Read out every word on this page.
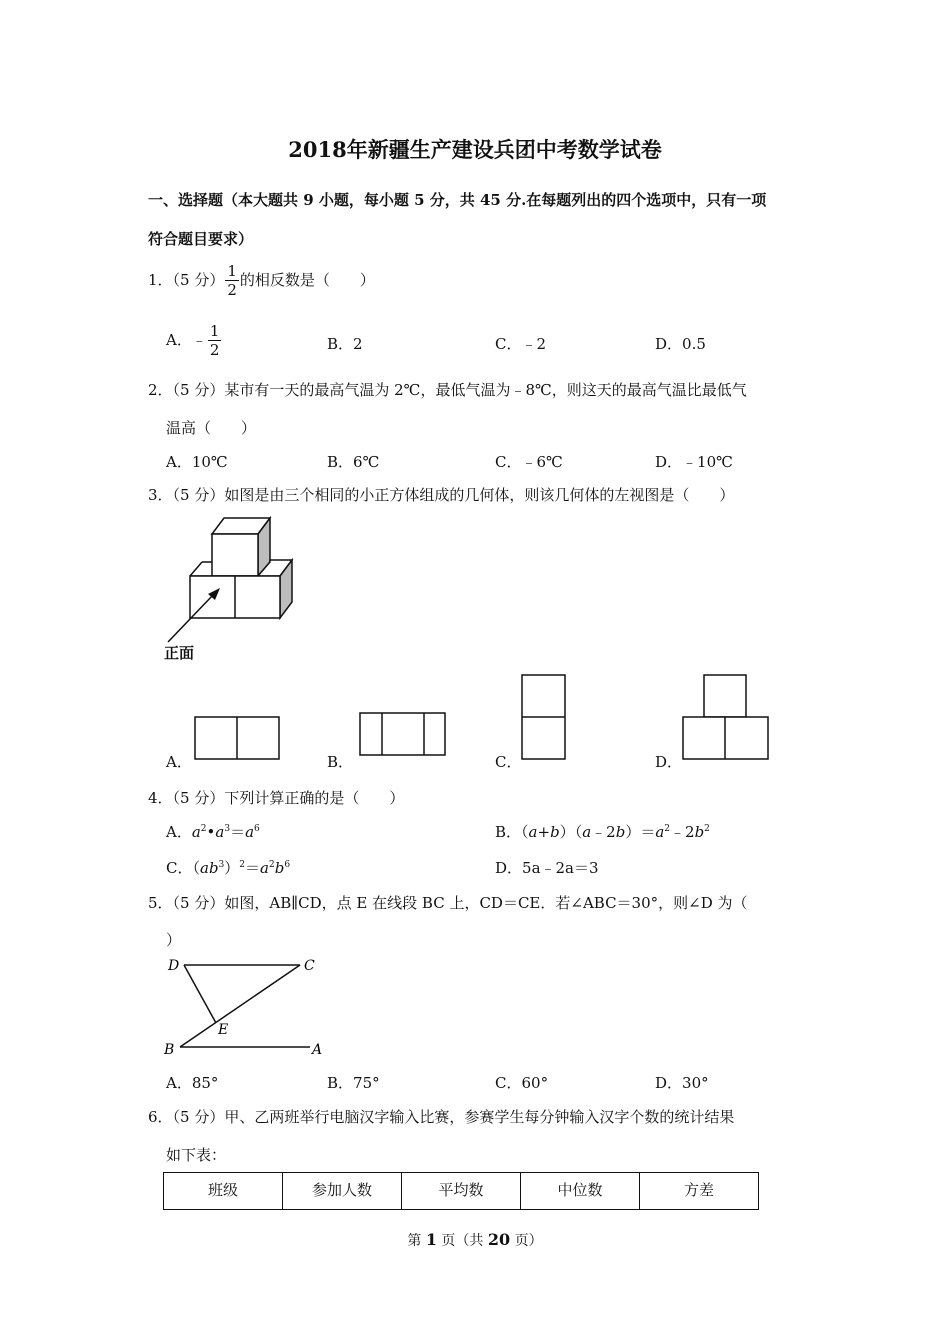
2018年新疆生产建设兵团中考数学试卷
一、选择题（本大题共 9 小题，每小题 5 分，共 45 分.在每题列出的四个选项中，只有一项
符合题目要求）
1．（5 分） $\frac{1}{2}$ 的相反数是（　　）
A．﹣ $\frac{1}{2}$	B．2	C．﹣2	D．0.5
2．（5 分）某市有一天的最高气温为 2℃，最低气温为﹣8℃，则这天的最高气温比最低气
温高（　　）
A．10℃	B．6℃	C．﹣6℃	D．﹣10℃
3．（5 分）如图是由三个相同的小正方体组成的几何体，则该几何体的左视图是（　　）
正面
A．	B．	C．	D．
4．（5 分）下列计算正确的是（　　）
A．$a^2•a^3=a^6$	B．$(a+b)(a﹣2b)=a^2﹣2b^2$
C．$(ab^3)^2=a^2b^6$	D．5a﹣2a＝3
5．（5 分）如图，AB∥CD，点 E 在线段 BC 上，CD＝CE．若∠ABC＝30°，则∠D 为（
）
D	C
E
B	A
A．85°	B．75°	C．60°	D．30°
6．（5 分）甲、乙两班举行电脑汉字输入比赛，参赛学生每分钟输入汉字个数的统计结果
如下表：
班级	参加人数	平均数	中位数	方差
第 1 页（共 20 页）
